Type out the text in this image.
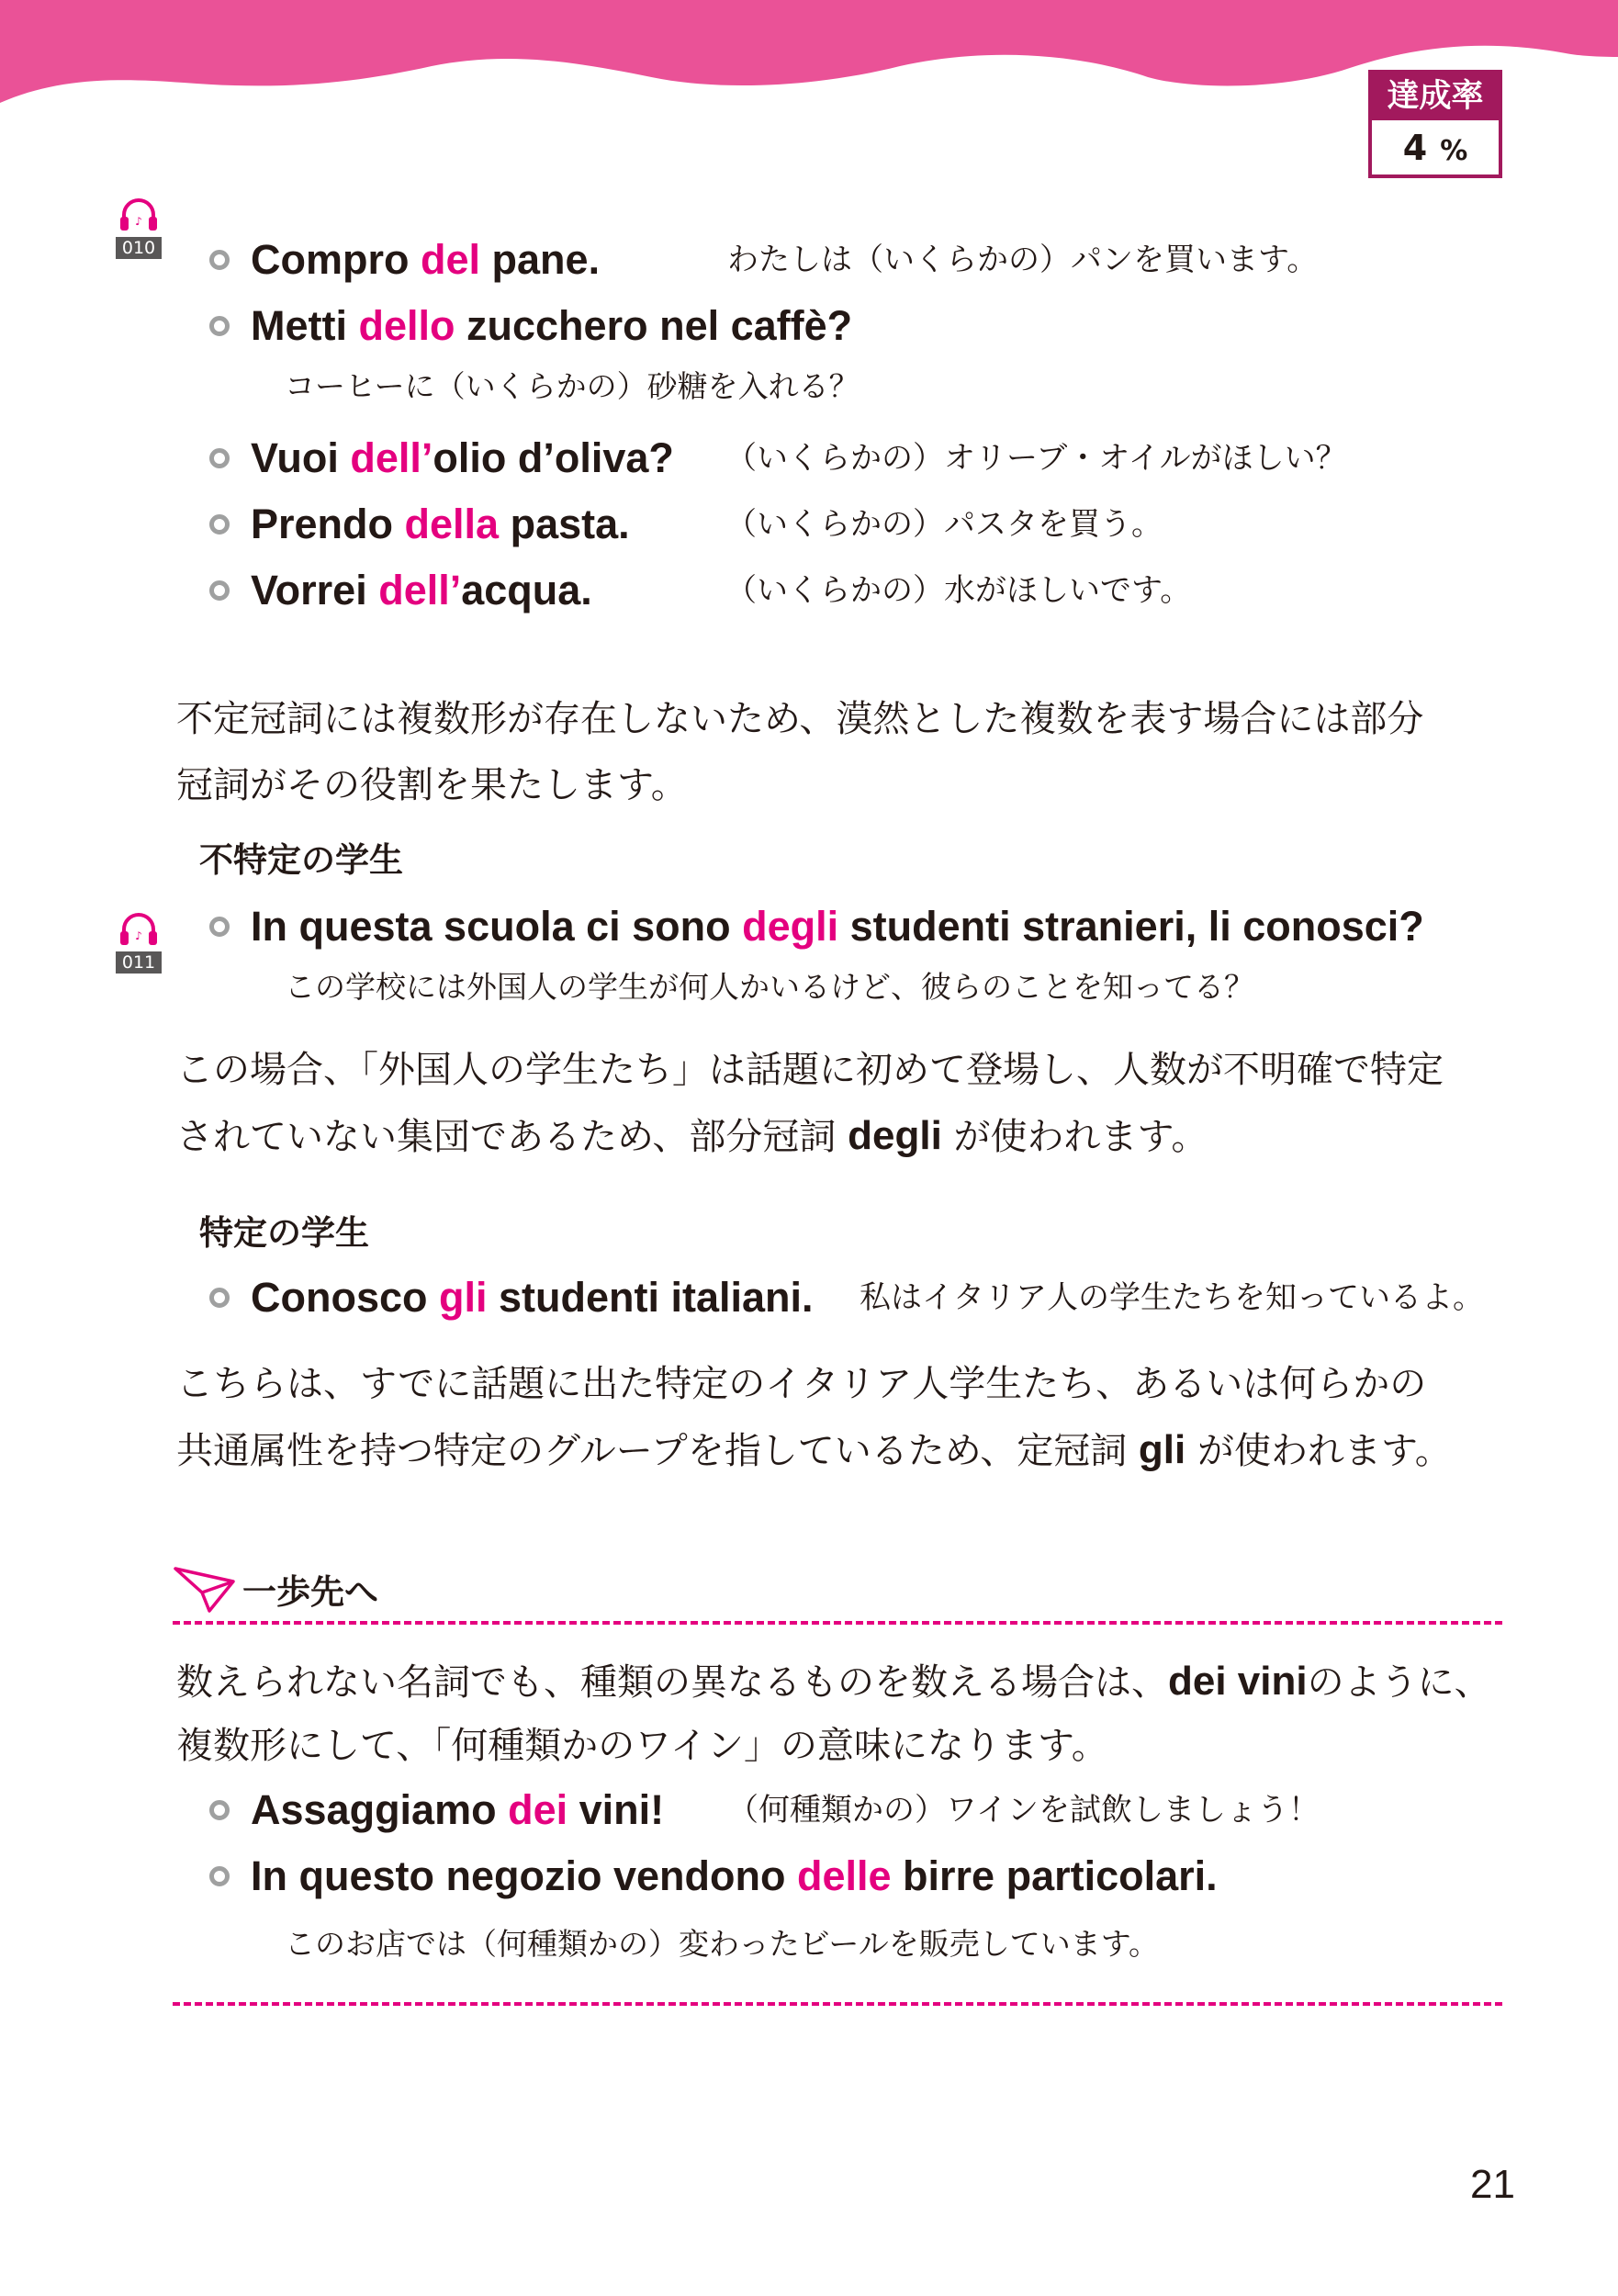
達成率
4 %
♪
010 Compro del pane.	わたしは（いくらかの）パンを買います。
Metti dello zucchero nel caffè?
コーヒーに（いくらかの）砂糖を入れる？
Vuoi dell’olio d’oliva? （いくらかの）オリーブ・オイルがほしい？
Prendo della pasta.	（いくらかの）パスタを買う。
Vorrei dell’acqua.	（いくらかの）水がほしいです。
不定冠詞には複数形が存在しないため、漠然とした複数を表す場合には部分
冠詞がその役割を果たします。
不特定の学生
♪
011
In questa scuola ci sono degli studenti stranieri, li conosci?
この学校には外国人の学生が何人かいるけど、彼らのことを知ってる？
この場合、「外国人の学生たち」は話題に初めて登場し、人数が不明確で特定
されていない集団であるため、部分冠詞 degli が使われます。
特定の学生
Conosco gli studenti italiani. 私はイタリア人の学生たちを知っているよ。
こちらは、すでに話題に出た特定のイタリア人学生たち、あるいは何らかの
共通属性を持つ特定のグループを指しているため、定冠詞 gli が使われます。
一歩先へ
数えられない名詞でも、種類の異なるものを数える場合は、dei viniのように、
複数形にして、「何種類かのワイン」の意味になります。
Assaggiamo dei vini! （何種類かの）ワインを試飲しましょう！
In questo negozio vendono delle birre particolari.
このお店では（何種類かの）変わったビールを販売しています。
21
